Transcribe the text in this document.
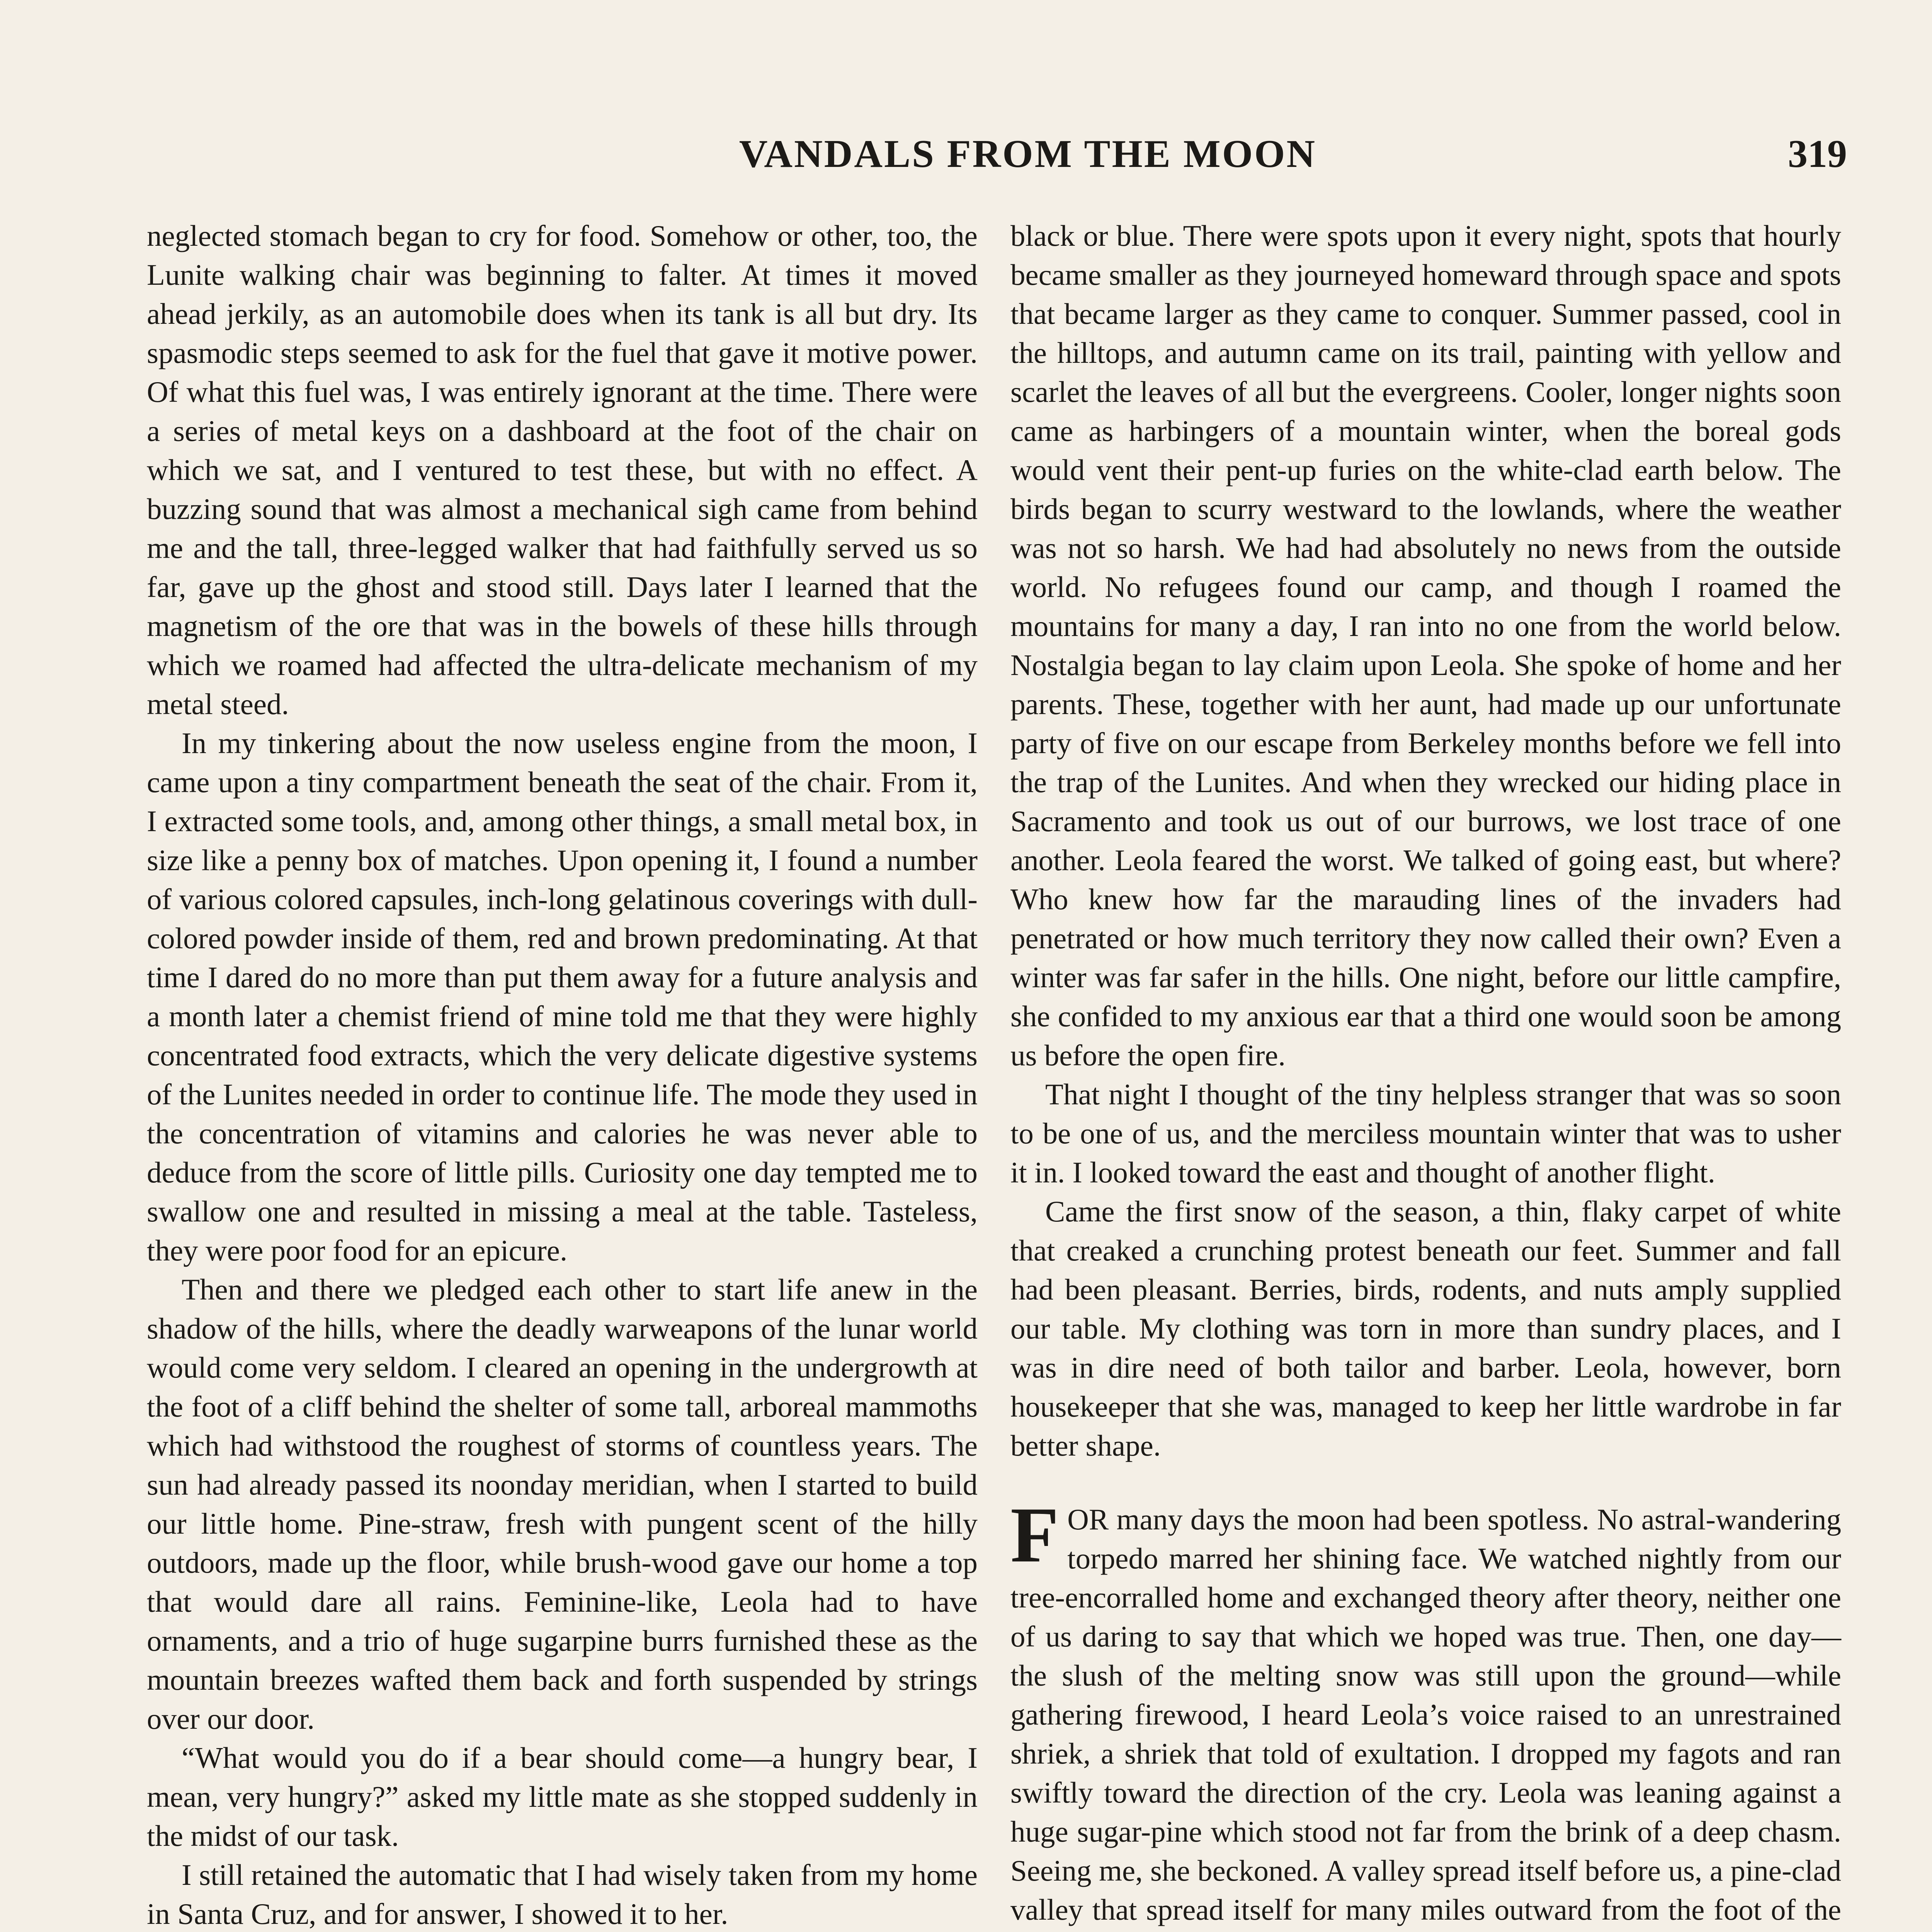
VANDALS FROM THE MOON	319

neglected stomach began to cry for food. Somehow or other, too, the Lunite walking chair was beginning to falter. At times it moved ahead jerkily, as an automobile does when its tank is all but dry. Its spasmodic steps seemed to ask for the fuel that gave it motive power. Of what this fuel was, I was entirely ignorant at the time. There were a series of metal keys on a dashboard at the foot of the chair on which we sat, and I ventured to test these, but with no effect. A buzzing sound that was almost a mechanical sigh came from behind me and the tall, three-legged walker that had faithfully served us so far, gave up the ghost and stood still. Days later I learned that the magnetism of the ore that was in the bowels of these hills through which we roamed had affected the ultra-delicate mechanism of my metal steed.

In my tinkering about the now useless engine from the moon, I came upon a tiny compartment beneath the seat of the chair. From it, I extracted some tools, and, among other things, a small metal box, in size like a penny box of matches. Upon opening it, I found a number of various colored capsules, inch-long gelatinous coverings with dull-colored powder inside of them, red and brown predominating. At that time I dared do no more than put them away for a future analysis and a month later a chemist friend of mine told me that they were highly concentrated food extracts, which the very delicate digestive systems of the Lunites needed in order to continue life. The mode they used in the concentration of vitamins and calories he was never able to deduce from the score of little pills. Curiosity one day tempted me to swallow one and resulted in missing a meal at the table. Tasteless, they were poor food for an epicure.

Then and there we pledged each other to start life anew in the shadow of the hills, where the deadly warweapons of the lunar world would come very seldom. I cleared an opening in the undergrowth at the foot of a cliff behind the shelter of some tall, arboreal mammoths which had withstood the roughest of storms of countless years. The sun had already passed its noonday meridian, when I started to build our little home. Pine-straw, fresh with pungent scent of the hilly outdoors, made up the floor, while brush-wood gave our home a top that would dare all rains. Feminine-like, Leola had to have ornaments, and a trio of huge sugarpine burrs furnished these as the mountain breezes wafted them back and forth suspended by strings over our door.

“What would you do if a bear should come—a hungry bear, I mean, very hungry?” asked my little mate as she stopped suddenly in the midst of our task.

I still retained the automatic that I had wisely taken from my home in Santa Cruz, and for answer, I showed it to her.

black or blue. There were spots upon it every night, spots that hourly became smaller as they journeyed homeward through space and spots that became larger as they came to conquer. Summer passed, cool in the hilltops, and autumn came on its trail, painting with yellow and scarlet the leaves of all but the evergreens. Cooler, longer nights soon came as harbingers of a mountain winter, when the boreal gods would vent their pent-up furies on the white-clad earth below. The birds began to scurry westward to the lowlands, where the weather was not so harsh. We had had absolutely no news from the outside world. No refugees found our camp, and though I roamed the mountains for many a day, I ran into no one from the world below. Nostalgia began to lay claim upon Leola. She spoke of home and her parents. These, together with her aunt, had made up our unfortunate party of five on our escape from Berkeley months before we fell into the trap of the Lunites. And when they wrecked our hiding place in Sacramento and took us out of our burrows, we lost trace of one another. Leola feared the worst. We talked of going east, but where? Who knew how far the marauding lines of the invaders had penetrated or how much territory they now called their own? Even a winter was far safer in the hills. One night, before our little campfire, she confided to my anxious ear that a third one would soon be among us before the open fire.

That night I thought of the tiny helpless stranger that was so soon to be one of us, and the merciless mountain winter that was to usher it in. I looked toward the east and thought of another flight.

Came the first snow of the season, a thin, flaky carpet of white that creaked a crunching protest beneath our feet. Summer and fall had been pleasant. Berries, birds, rodents, and nuts amply supplied our table. My clothing was torn in more than sundry places, and I was in dire need of both tailor and barber. Leola, however, born housekeeper that she was, managed to keep her little wardrobe in far better shape.

FOR many days the moon had been spotless. No astral-wandering torpedo marred her shining face. We watched nightly from our tree-encorralled home and exchanged theory after theory, neither one of us daring to say that which we hoped was true. Then, one day—the slush of the melting snow was still upon the ground—while gathering firewood, I heard Leola’s voice raised to an unrestrained shriek, a shriek that told of exultation. I dropped my fagots and ran swiftly toward the direction of the cry. Leola was leaning against a huge sugar-pine which stood not far from the brink of a deep chasm. Seeing me, she beckoned. A valley spread itself before us, a pine-clad valley that spread itself for many miles outward from the foot of the
